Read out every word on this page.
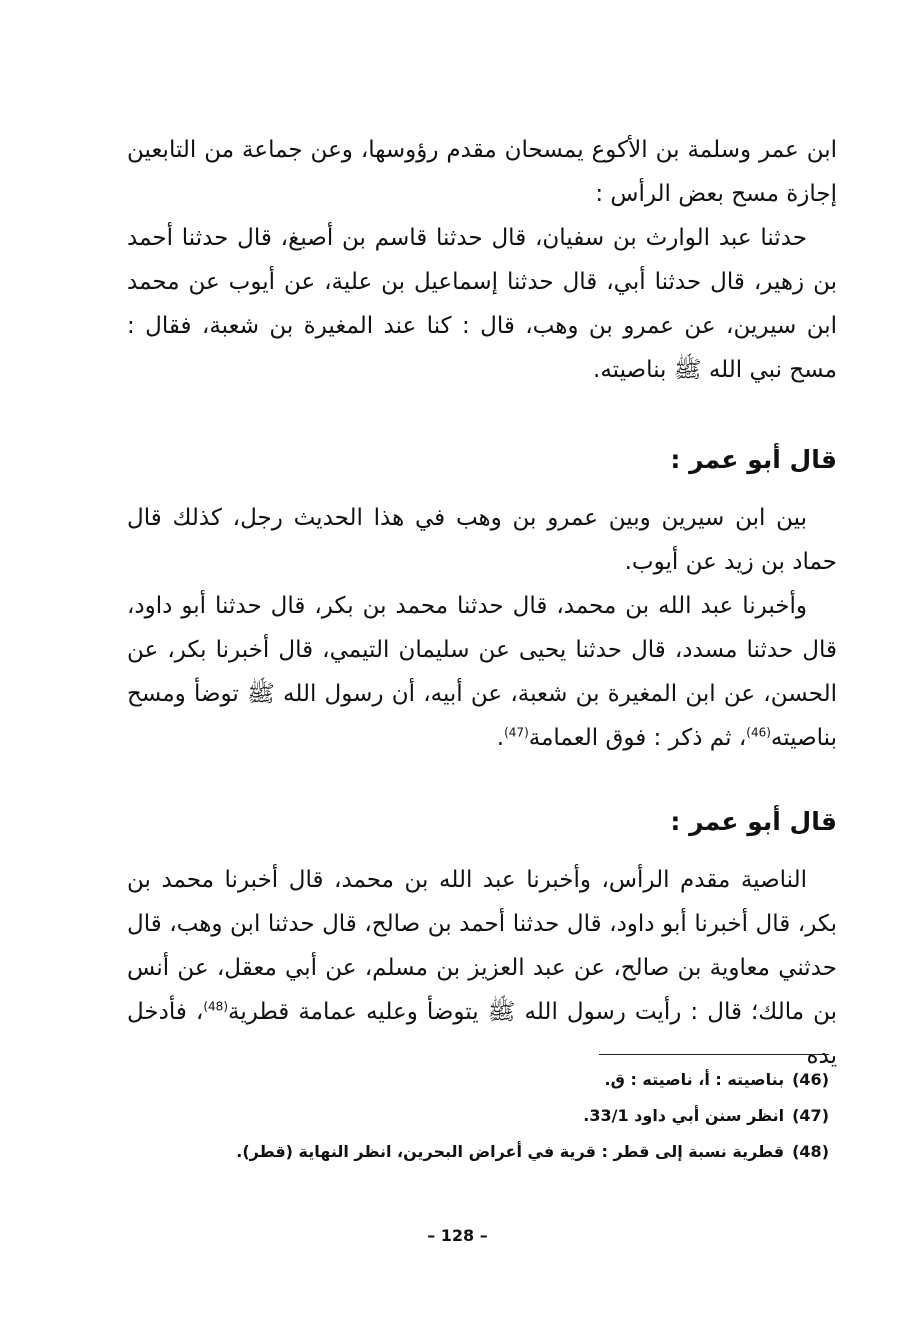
ابن عمر وسلمة بن الأكوع يمسحان مقدم رؤوسها، وعن جماعة من التابعين إجازة مسح بعض الرأس :

حدثنا عبد الوارث بن سفيان، قال حدثنا قاسم بن أصبغ، قال حدثنا أحمد بن زهير، قال حدثنا أبي، قال حدثنا إسماعيل بن علية، عن أيوب عن محمد ابن سيرين، عن عمرو بن وهب، قال : كنا عند المغيرة بن شعبة، فقال : مسح نبي الله ﷺ بناصيته.

قال أبو عمر :

بين ابن سيرين وبين عمرو بن وهب في هذا الحديث رجل، كذلك قال حماد بن زيد عن أيوب.

وأخبرنا عبد الله بن محمد، قال حدثنا محمد بن بكر، قال حدثنا أبو داود، قال حدثنا مسدد، قال حدثنا يحيى عن سليمان التيمي، قال أخبرنا بكر، عن الحسن، عن ابن المغيرة بن شعبة، عن أبيه، أن رسول الله ﷺ توضأ ومسح بناصيته$^{(46)}$، ثم ذكر : فوق العمامة$^{(47)}$.

قال أبو عمر :

الناصية مقدم الرأس، وأخبرنا عبد الله بن محمد، قال أخبرنا محمد بن بكر، قال أخبرنا أبو داود، قال حدثنا أحمد بن صالح، قال حدثنا ابن وهب، قال حدثني معاوية بن صالح، عن عبد العزيز بن مسلم، عن أبي معقل، عن أنس بن مالك؛ قال : رأيت رسول الله ﷺ يتوضأ وعليه عمامة قطرية$^{(48)}$، فأدخل يده

(46)بناصيته : أ، ناصيته : ق.

(47)انظر سنن أبي داود 33/1.

(48)قطرية نسبة إلى قطر : قرية في أعراض البحرين، انظر النهاية (قطر).

– 128 –
